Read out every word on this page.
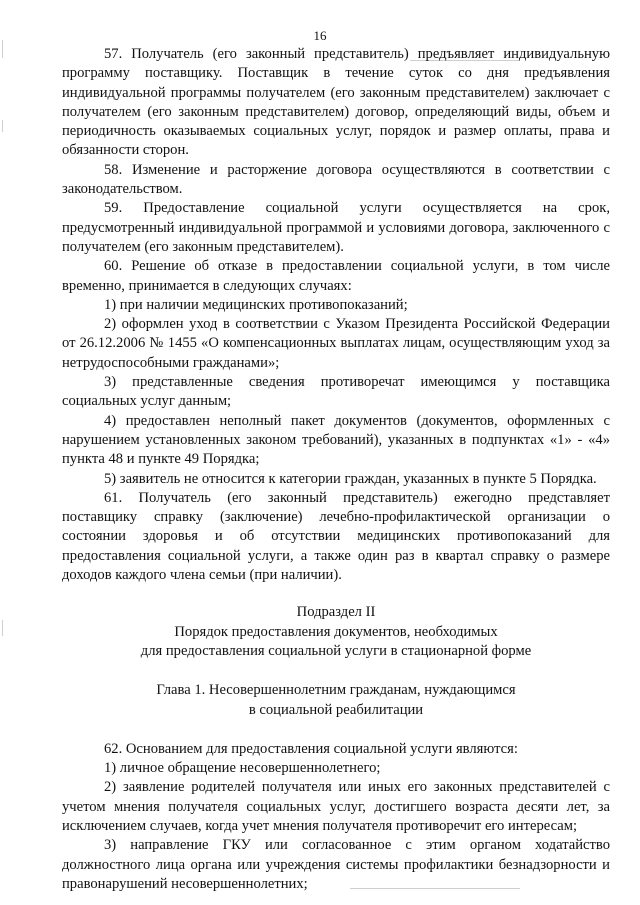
16

57. Получатель (его законный представитель) предъявляет индивидуальную программу поставщику. Поставщик в течение суток со дня предъявления индивидуальной программы получателем (его законным представителем) заключает с получателем (его законным представителем) договор, определяющий виды, объем и периодичность оказываемых социальных услуг, порядок и размер оплаты, права и обязанности сторон.

58. Изменение и расторжение договора осуществляются в соответствии с законодательством.

59. Предоставление социальной услуги осуществляется на срок, предусмотренный индивидуальной программой и условиями договора, заключенного с получателем (его законным представителем).

60. Решение об отказе в предоставлении социальной услуги, в том числе временно, принимается в следующих случаях:

1) при наличии медицинских противопоказаний;

2) оформлен уход в соответствии с Указом Президента Российской Федерации от 26.12.2006 № 1455 «О компенсационных выплатах лицам, осуществляющим уход за нетрудоспособными гражданами»;

3) представленные сведения противоречат имеющимся у поставщика социальных услуг данным;

4) предоставлен неполный пакет документов (документов, оформленных с нарушением установленных законом требований), указанных в подпунктах «1» - «4» пункта 48 и пункте 49 Порядка;

5) заявитель не относится к категории граждан, указанных в пункте 5 Порядка.

61. Получатель (его законный представитель) ежегодно представляет поставщику справку (заключение) лечебно-профилактической организации о состоянии здоровья и об отсутствии медицинских противопоказаний для предоставления социальной услуги, а также один раз в квартал справку о размере доходов каждого члена семьи (при наличии).

Подраздел II

Порядок предоставления документов, необходимых

для предоставления социальной услуги в стационарной форме

Глава 1. Несовершеннолетним гражданам, нуждающимся

в социальной реабилитации

62. Основанием для предоставления социальной услуги являются:

1) личное обращение несовершеннолетнего;

2) заявление родителей получателя или иных его законных представителей с учетом мнения получателя социальных услуг, достигшего возраста десяти лет, за исключением случаев, когда учет мнения получателя противоречит его интересам;

3) направление ГКУ или согласованное с этим органом ходатайство должностного лица органа или учреждения системы профилактики безнадзорности и правонарушений несовершеннолетних;
